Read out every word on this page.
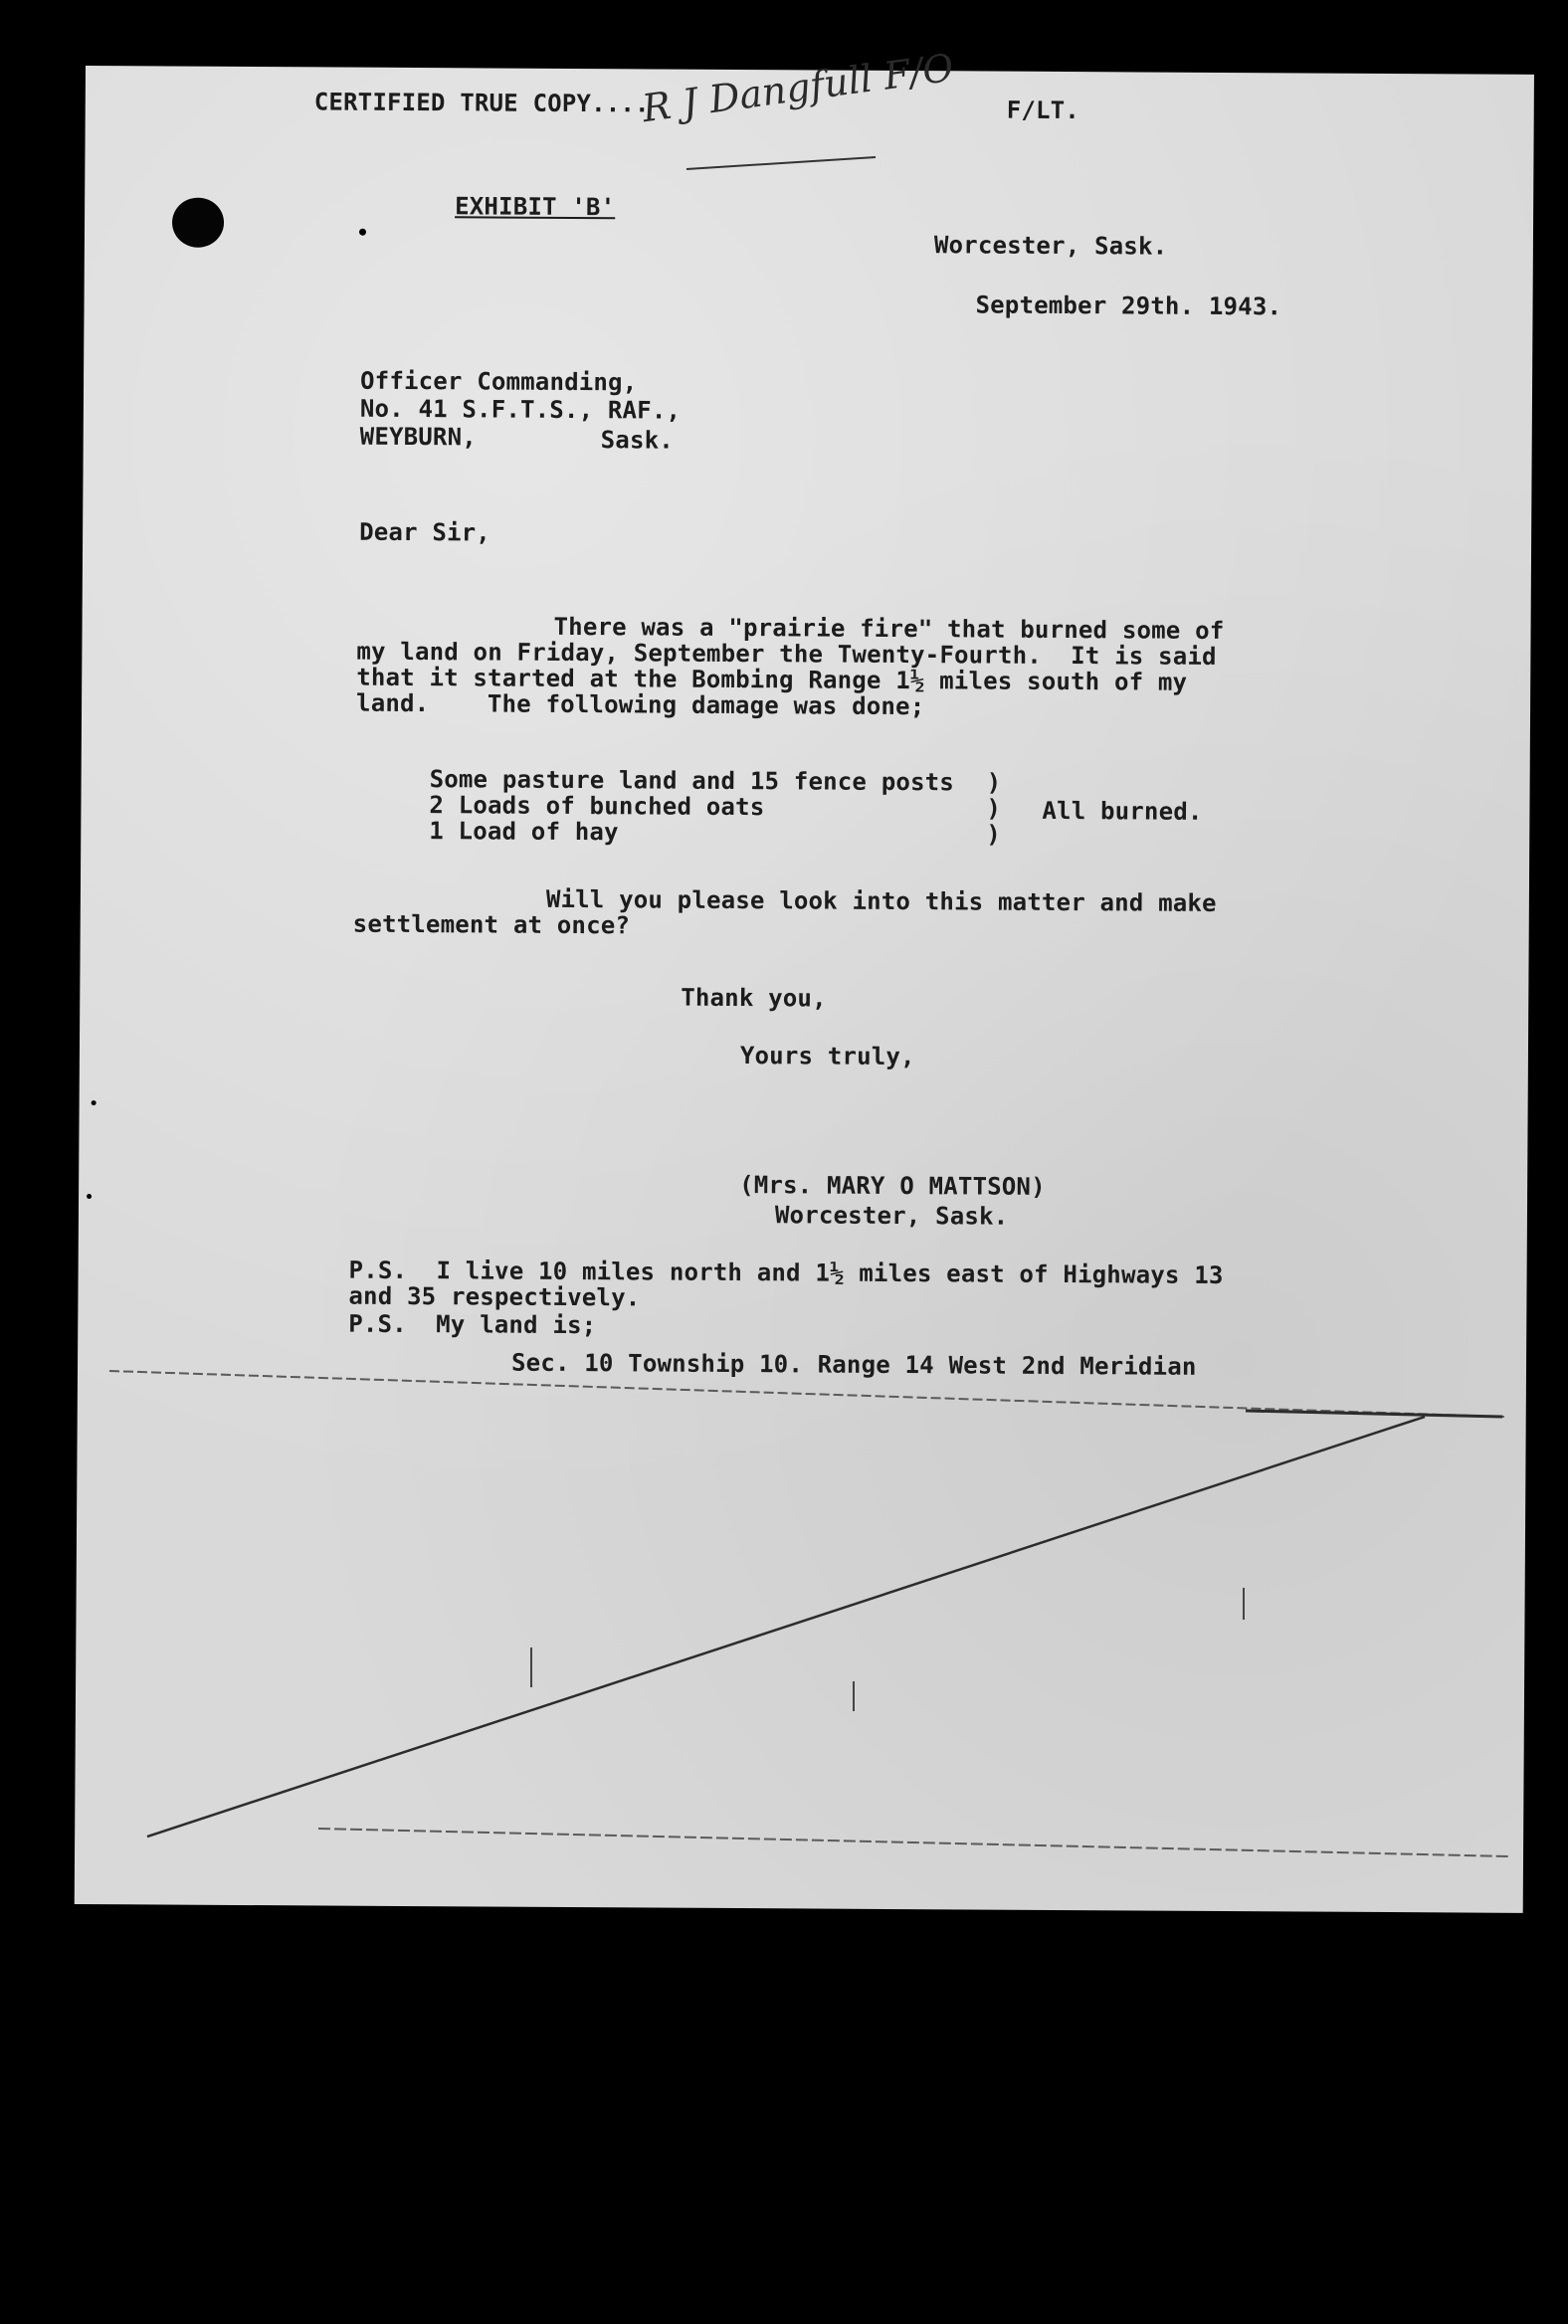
CERTIFIED TRUE COPY....
R J Dangfull F/O F/LT.
EXHIBIT 'B'
Worcester, Sask.
September 29th. 1943.
Officer Commanding,
No. 41 S.F.T.S., RAF.,
WEYBURN,	Sask.
Dear Sir,
There was a "prairie fire" that burned some of
my land on Friday, September the Twenty-Fourth.  It is said
that it started at the Bombing Range 1½ miles south of my
land.    The following damage was done;
Some pasture land and 15 fence posts
2 Loads of bunched oats
1 Load of hay
)
)
)
All burned.
Will you please look into this matter and make
settlement at once?
Thank you,
Yours truly,
(Mrs. MARY O MATTSON)
Worcester, Sask.
P.S.  I live 10 miles north and 1½ miles east of Highways 13
and 35 respectively.
P.S.  My land is;
Sec. 10 Township 10. Range 14 West 2nd Meridian
